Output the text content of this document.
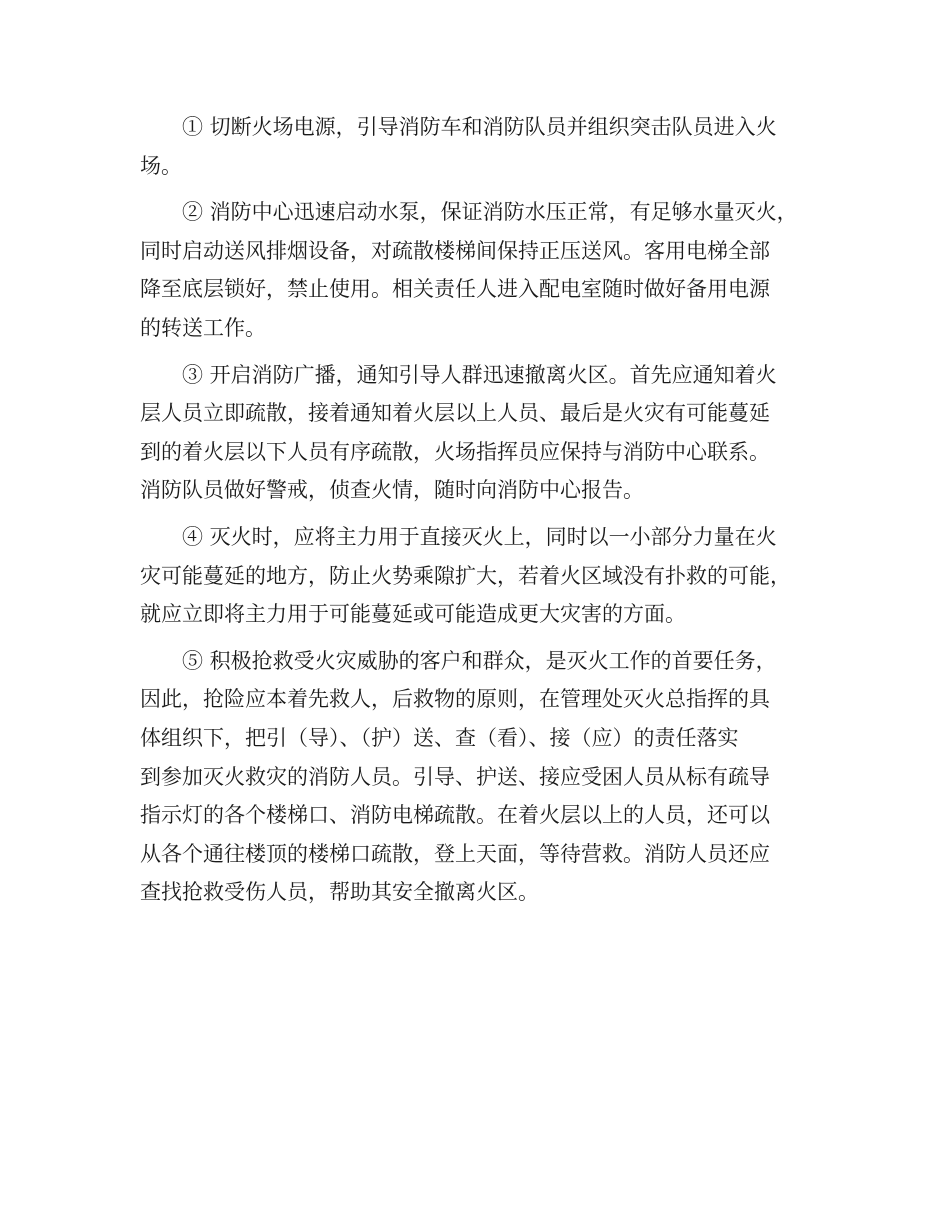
① 切断火场电源，引导消防车和消防队员并组织突击队员进入火
场。

② 消防中心迅速启动水泵，保证消防水压正常，有足够水量灭火，
同时启动送风排烟设备，对疏散楼梯间保持正压送风。客用电梯全部
降至底层锁好，禁止使用。相关责任人进入配电室随时做好备用电源
的转送工作。

③ 开启消防广播，通知引导人群迅速撤离火区。首先应通知着火
层人员立即疏散，接着通知着火层以上人员、最后是火灾有可能蔓延
到的着火层以下人员有序疏散，火场指挥员应保持与消防中心联系。
消防队员做好警戒，侦查火情，随时向消防中心报告。

④ 灭火时，应将主力用于直接灭火上，同时以一小部分力量在火
灾可能蔓延的地方，防止火势乘隙扩大，若着火区域没有扑救的可能，
就应立即将主力用于可能蔓延或可能造成更大灾害的方面。

⑤ 积极抢救受火灾威胁的客户和群众，是灭火工作的首要任务，
因此，抢险应本着先救人，后救物的原则，在管理处灭火总指挥的具
体组织下，把引（导）、（护）送、查（看）、接（应）的责任落实
到参加灭火救灾的消防人员。引导、护送、接应受困人员从标有疏导
指示灯的各个楼梯口、消防电梯疏散。在着火层以上的人员，还可以
从各个通往楼顶的楼梯口疏散，登上天面，等待营救。消防人员还应
查找抢救受伤人员，帮助其安全撤离火区。
